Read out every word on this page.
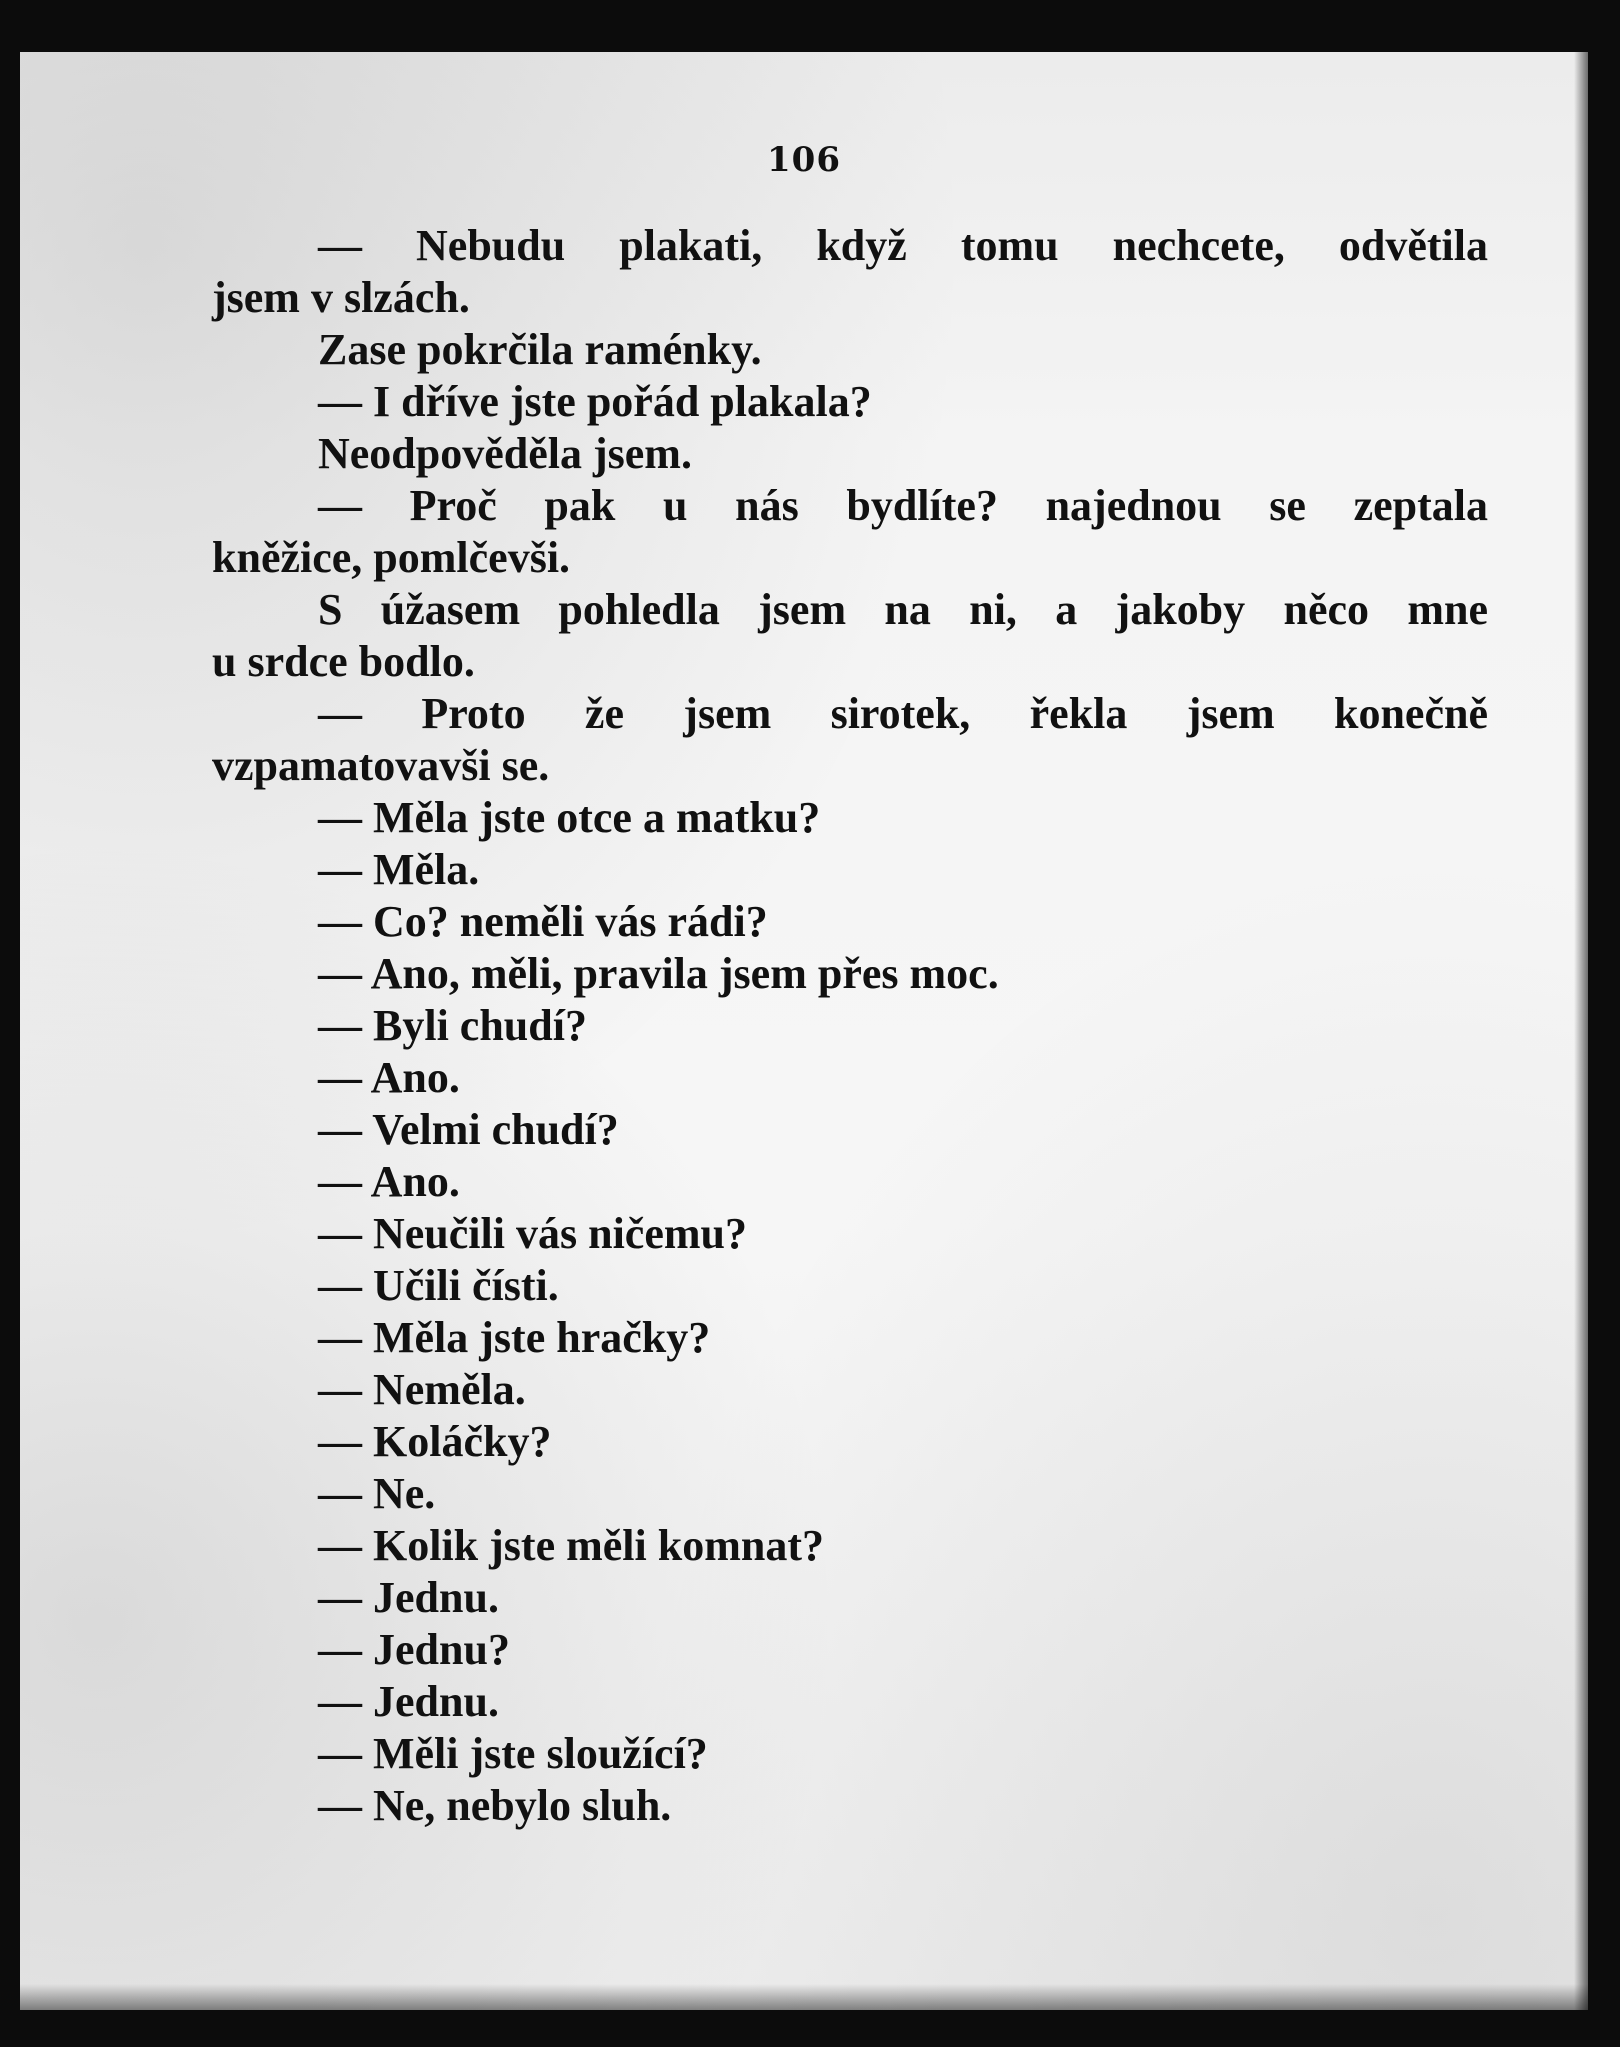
106
— Nebudu plakati, když tomu nechcete, odvětila
jsem v slzách.
Zase pokrčila raménky.
— I dříve jste pořád plakala?
Neodpověděla jsem.
— Proč pak u nás bydlíte? najednou se zeptala
kněžice, pomlčevši.
S úžasem pohledla jsem na ni, a jakoby něco mne
u srdce bodlo.
— Proto že jsem sirotek, řekla jsem konečně
vzpamatovavši se.
— Měla jste otce a matku?
— Měla.
— Co? neměli vás rádi?
— Ano, měli, pravila jsem přes moc.
— Byli chudí?
— Ano.
— Velmi chudí?
— Ano.
— Neučili vás ničemu?
— Učili čísti.
— Měla jste hračky?
— Neměla.
— Koláčky?
— Ne.
— Kolik jste měli komnat?
— Jednu.
— Jednu?
— Jednu.
— Měli jste sloužící?
— Ne, nebylo sluh.
